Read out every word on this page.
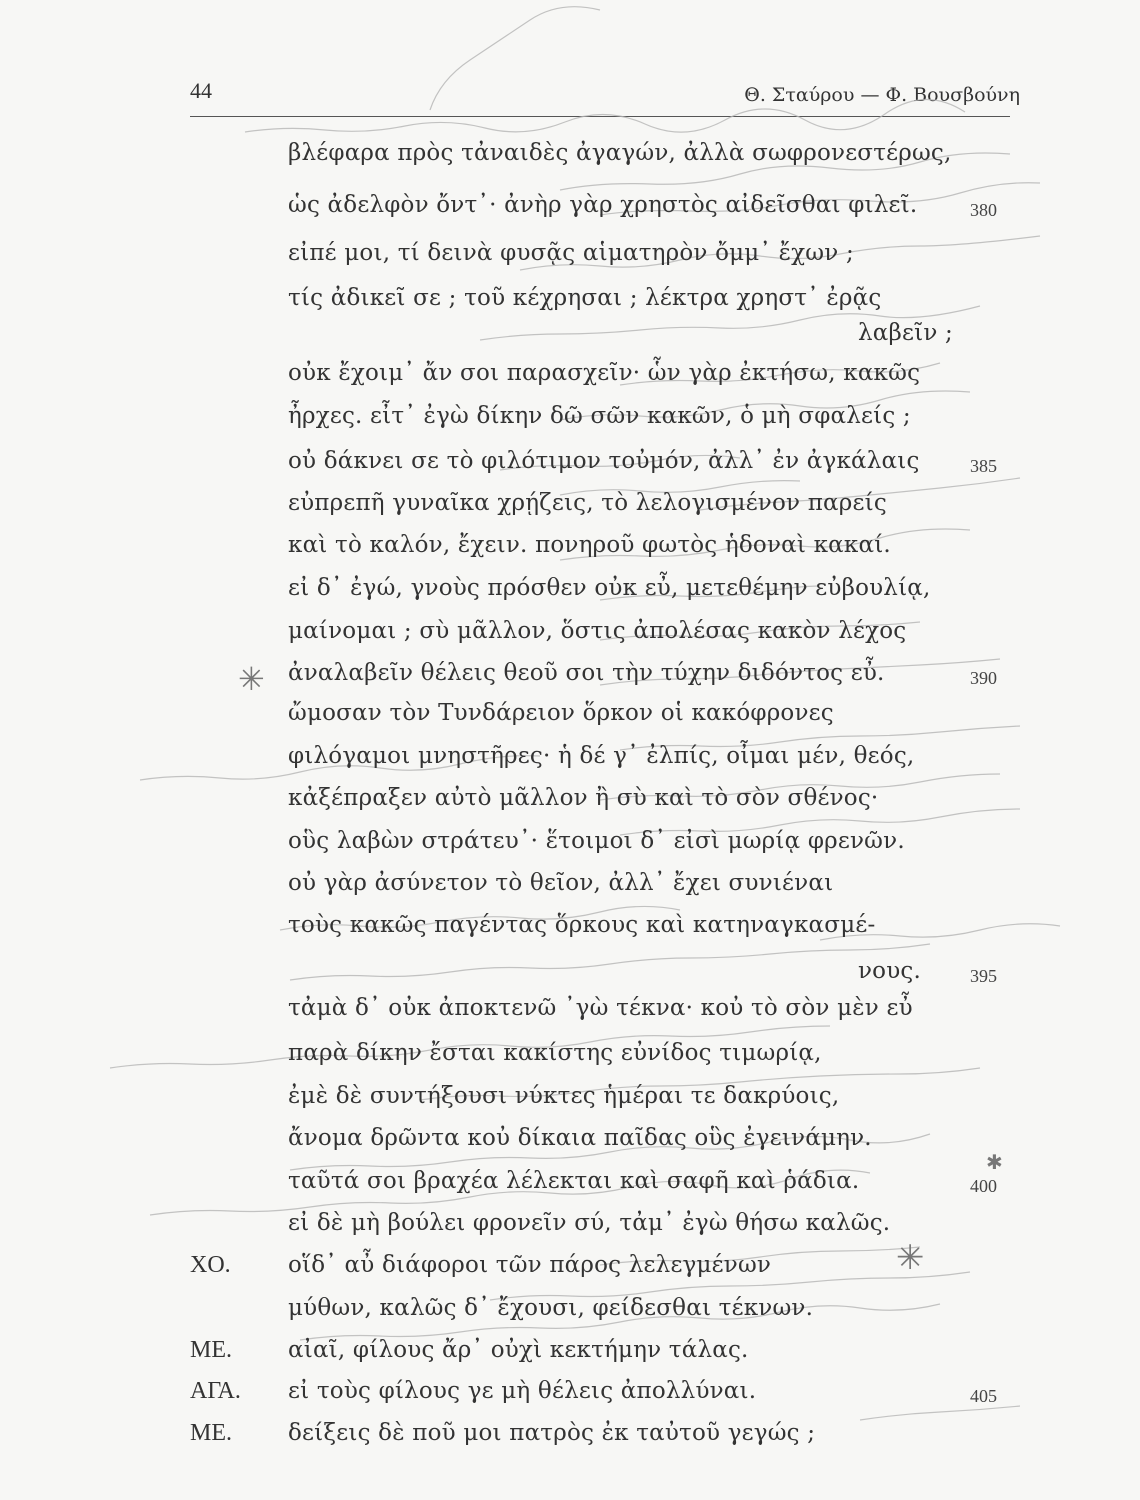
44	Θ. Σταύρου — Φ. Βουσβούνη
✳
✳
✱
βλέφαρα πρὸς τἀναιδὲς ἀγαγών, ἀλλὰ σωφρονεστέρως,
ὡς ἀδελφὸν ὄντ᾽· ἀνὴρ γὰρ χρηστὸς αἰδεῖσθαι φιλεῖ.	380
εἰπέ μοι, τί δεινὰ φυσᾷς αἱματηρὸν ὄμμ᾽ ἔχων ;
τίς ἀδικεῖ σε ; τοῦ κέχρησαι ; λέκτρα χρηστ᾽ ἐρᾷς
λαβεῖν ;
οὐκ ἔχοιμ᾽ ἄν σοι παρασχεῖν· ὧν γὰρ ἐκτήσω, κακῶς
ἦρχες. εἶτ᾽ ἐγὼ δίκην δῶ σῶν κακῶν, ὁ μὴ σφαλείς ;
οὐ δάκνει σε τὸ φιλότιμον τοὐμόν, ἀλλ᾽ ἐν ἀγκάλαις	385
εὐπρεπῆ γυναῖκα χρῄζεις, τὸ λελογισμένον παρείς
καὶ τὸ καλόν, ἔχειν. πονηροῦ φωτὸς ἡδοναὶ κακαί.
εἰ δ᾽ ἐγώ, γνοὺς πρόσθεν οὐκ εὖ, μετεθέμην εὐβουλίᾳ,
μαίνομαι ; σὺ μᾶλλον, ὅστις ἀπολέσας κακὸν λέχος
ἀναλαβεῖν θέλεις θεοῦ σοι τὴν τύχην διδόντος εὖ.	390
ὤμοσαν τὸν Τυνδάρειον ὅρκον οἱ κακόφρονες
φιλόγαμοι μνηστῆρες· ἡ δέ γ᾽ ἐλπίς, οἶμαι μέν, θεός,
κἀξέπραξεν αὐτὸ μᾶλλον ἢ σὺ καὶ τὸ σὸν σθένος·
οὓς λαβὼν στράτευ᾽· ἕτοιμοι δ᾽ εἰσὶ μωρίᾳ φρενῶν.
οὐ γὰρ ἀσύνετον τὸ θεῖον, ἀλλ᾽ ἔχει συνιέναι
τοὺς κακῶς παγέντας ὅρκους καὶ κατηναγκασμέ-
νους.	395
τἀμὰ δ᾽ οὐκ ἀποκτενῶ ᾽γὼ τέκνα· κοὐ τὸ σὸν μὲν εὖ
παρὰ δίκην ἔσται κακίστης εὐνίδος τιμωρίᾳ,
ἐμὲ δὲ συντήξουσι νύκτες ἡμέραι τε δακρύοις,
ἄνομα δρῶντα κοὐ δίκαια παῖδας οὓς ἐγεινάμην.
ταῦτά σοι βραχέα λέλεκται καὶ σαφῆ καὶ ῥάδια.	400
εἰ δὲ μὴ βούλει φρονεῖν σύ, τἀμ᾽ ἐγὼ θήσω καλῶς.
ΧΟ. οἵδ᾽ αὖ διάφοροι τῶν πάρος λελεγμένων
μύθων, καλῶς δ᾽ ἔχουσι, φείδεσθαι τέκνων.
ΜΕ. αἰαῖ, φίλους ἄρ᾽ οὐχὶ κεκτήμην τάλας.
ΑΓΑ. εἰ τοὺς φίλους γε μὴ θέλεις ἀπολλύναι.	405
ΜΕ. δείξεις δὲ ποῦ μοι πατρὸς ἐκ ταὐτοῦ γεγώς ;
